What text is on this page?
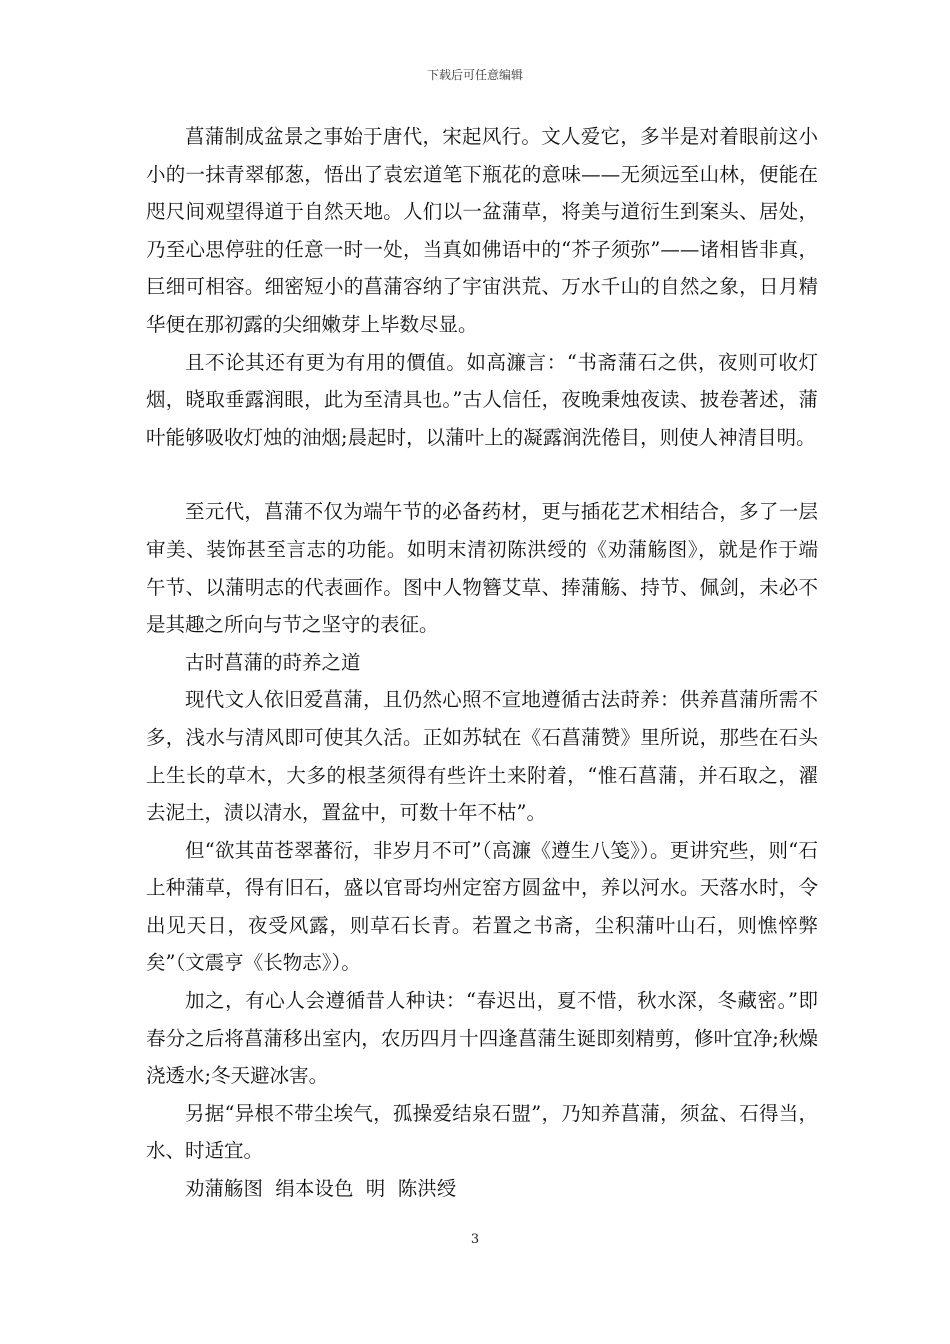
下载后可任意编辑

菖蒲制成盆景之事始于唐代，宋起风行。文人爱它，多半是对着眼前这小小的一抹青翠郁葱，悟出了袁宏道笔下瓶花的意味——无须远至山林，便能在咫尺间观望得道于自然天地。人们以一盆蒲草，将美与道衍生到案头、居处，乃至心思停驻的任意一时一处，当真如佛语中的“芥子须弥”——诸相皆非真，巨细可相容。细密短小的菖蒲容纳了宇宙洪荒、万水千山的自然之象，日月精华便在那初露的尖细嫩芽上毕数尽显。

且不论其还有更为有用的價值。如高濂言：“书斋蒲石之供，夜则可收灯烟，晓取垂露润眼，此为至清具也。”古人信任，夜晚秉烛夜读、披卷著述，蒲叶能够吸收灯烛的油烟;晨起时，以蒲叶上的凝露润洗倦目，则使人神清目明。

至元代，菖蒲不仅为端午节的必备药材，更与插花艺术相结合，多了一层审美、装饰甚至言志的功能。如明末清初陈洪绶的《劝蒲觞图》，就是作于端午节、以蒲明志的代表画作。图中人物簪艾草、捧蒲觞、持节、佩剑，未必不是其趣之所向与节之坚守的表征。

古时菖蒲的莳养之道

现代文人依旧爱菖蒲，且仍然心照不宣地遵循古法莳养：供养菖蒲所需不多，浅水与清风即可使其久活。正如苏轼在《石菖蒲赞》里所说，那些在石头上生长的草木，大多的根茎须得有些许土来附着，“惟石菖蒲，并石取之，濯去泥土，渍以清水，置盆中，可数十年不枯”。

但“欲其苗苍翠蕃衍，非岁月不可”（高濂《遵生八笺》）。更讲究些，则“石上种蒲草，得有旧石，盛以官哥均州定窑方圆盆中，养以河水。天落水时，令出见天日，夜受风露，则草石长青。若置之书斋，尘积蒲叶山石，则憔悴弊矣”（文震亨《长物志》）。

加之，有心人会遵循昔人种诀：“春迟出，夏不惜，秋水深，冬藏密。”即春分之后将菖蒲移出室内，农历四月十四逢菖蒲生诞即刻精剪，修叶宜净;秋燥浇透水;冬天避冰害。

另据“异根不带尘埃气，孤操爱结泉石盟”，乃知养菖蒲，须盆、石得当，水、时适宜。

劝蒲觞图  绢本设色  明  陈洪绶

3
